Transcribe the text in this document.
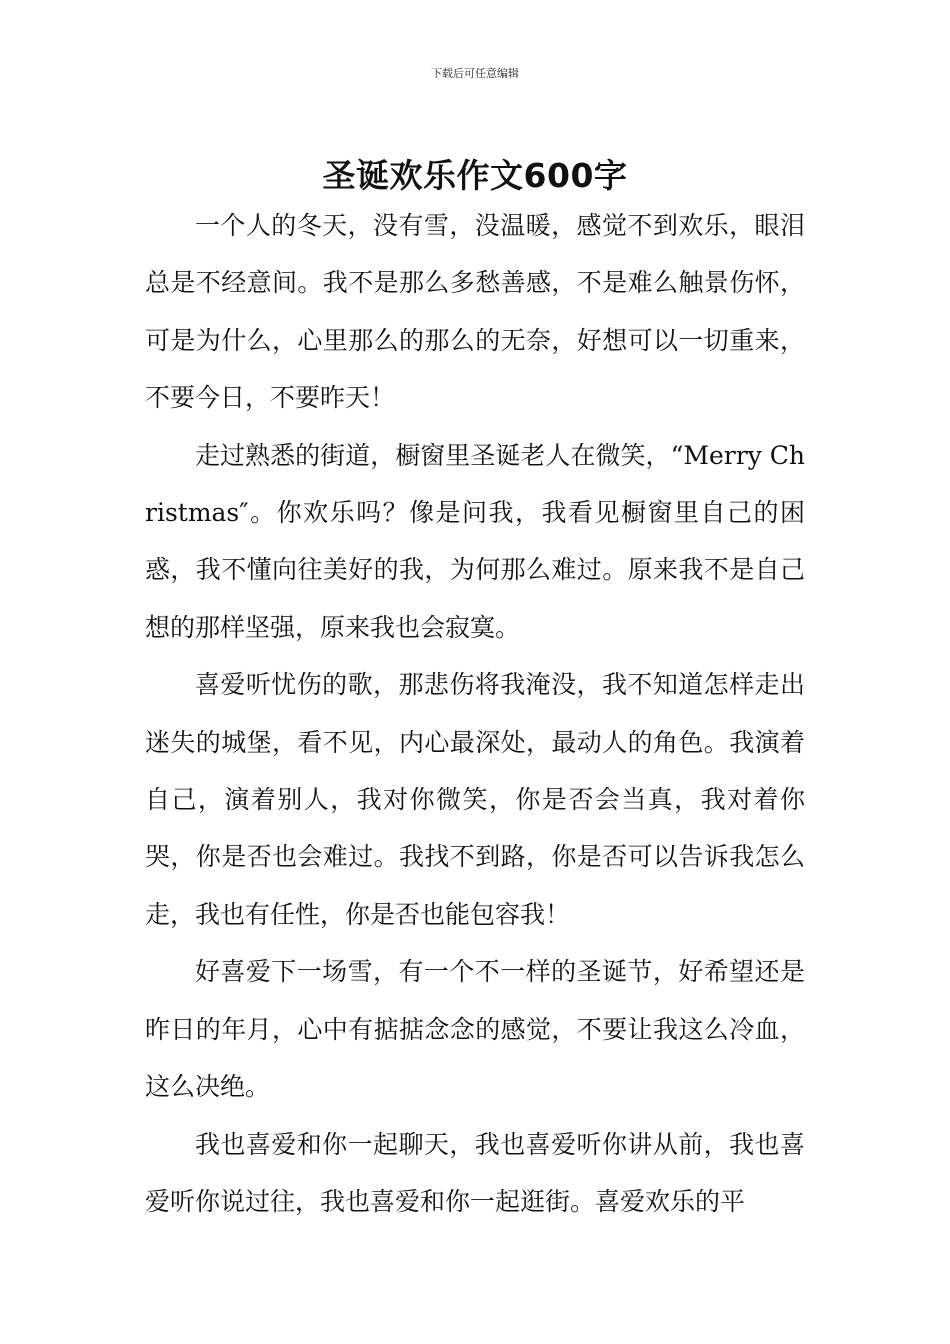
下载后可任意编辑
圣诞欢乐作文600字

一个人的冬天，没有雪，没温暖，感觉不到欢乐，眼泪总是不经意间。我不是那么多愁善感，不是难么触景伤怀，可是为什么，心里那么的那么的无奈，好想可以一切重来，不要今日，不要昨天！

走过熟悉的街道，橱窗里圣诞老人在微笑，“Merry Christmas″。你欢乐吗？像是问我，我看见橱窗里自己的困惑，我不懂向往美好的我，为何那么难过。原来我不是自己想的那样坚强，原来我也会寂寞。

喜爱听忧伤的歌，那悲伤将我淹没，我不知道怎样走出迷失的城堡，看不见，内心最深处，最动人的角色。我演着自己，演着别人，我对你微笑，你是否会当真，我对着你哭，你是否也会难过。我找不到路，你是否可以告诉我怎么走，我也有任性，你是否也能包容我！

好喜爱下一场雪，有一个不一样的圣诞节，好希望还是昨日的年月，心中有掂掂念念的感觉，不要让我这么冷血，这么决绝。

我也喜爱和你一起聊天，我也喜爱听你讲从前，我也喜爱听你说过往，我也喜爱和你一起逛街。喜爱欢乐的平
